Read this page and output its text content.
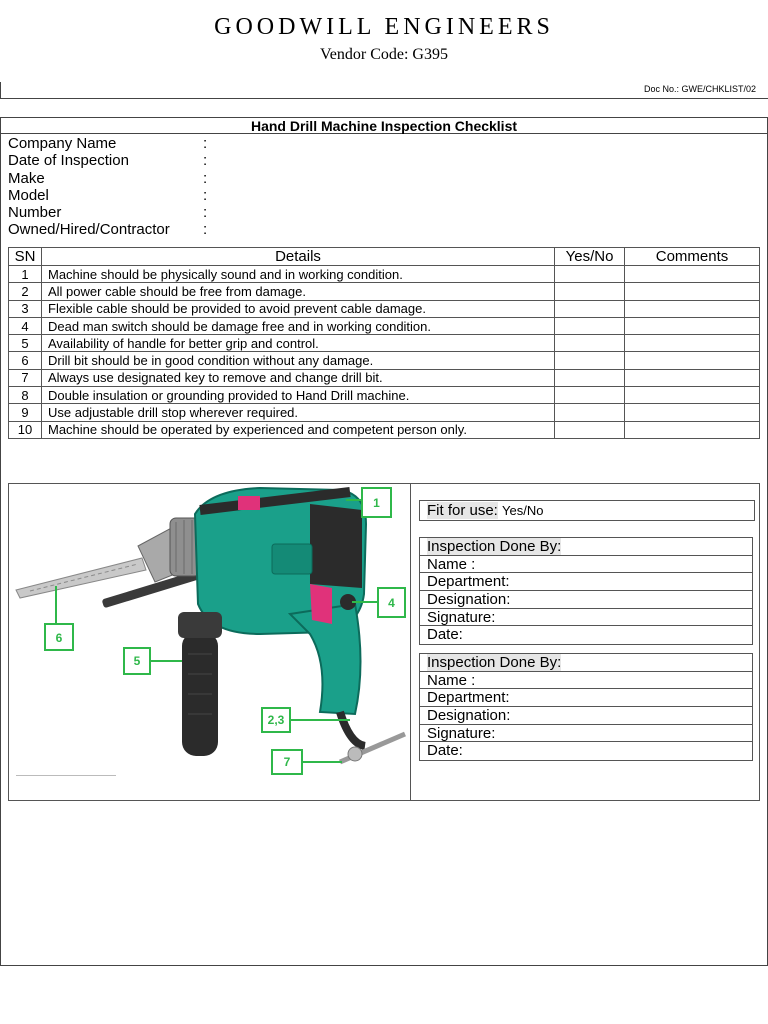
GOODWILL ENGINEERS
Vendor Code: G395
Doc No.: GWE/CHKLIST/02
Hand Drill Machine Inspection Checklist
Company Name	:
Date of Inspection	:
Make	:
Model	:
Number	:
Owned/Hired/Contractor :
SN	Details	Yes/No	Comments
1	Machine should be physically sound and in working condition.		
2	All power cable should be free from damage.		
3	Flexible cable should be provided to avoid prevent cable damage.		
4	Dead man switch should be damage free and in working condition.		
5	Availability of handle for better grip and control.		
6	Drill bit should be in good condition without any damage.		
7	Always use designated key to remove and change drill bit.		
8	Double insulation or grounding provided to Hand Drill machine.		
9	Use adjustable drill stop wherever required.		
10	Machine should be operated by experienced and competent person only.		
1
4
6
5
2,3
7
Fit for use: Yes/No
Inspection Done By:
Name :
Department:
Designation:
Signature:
Date:
Inspection Done By:
Name :
Department:
Designation:
Signature:
Date:
